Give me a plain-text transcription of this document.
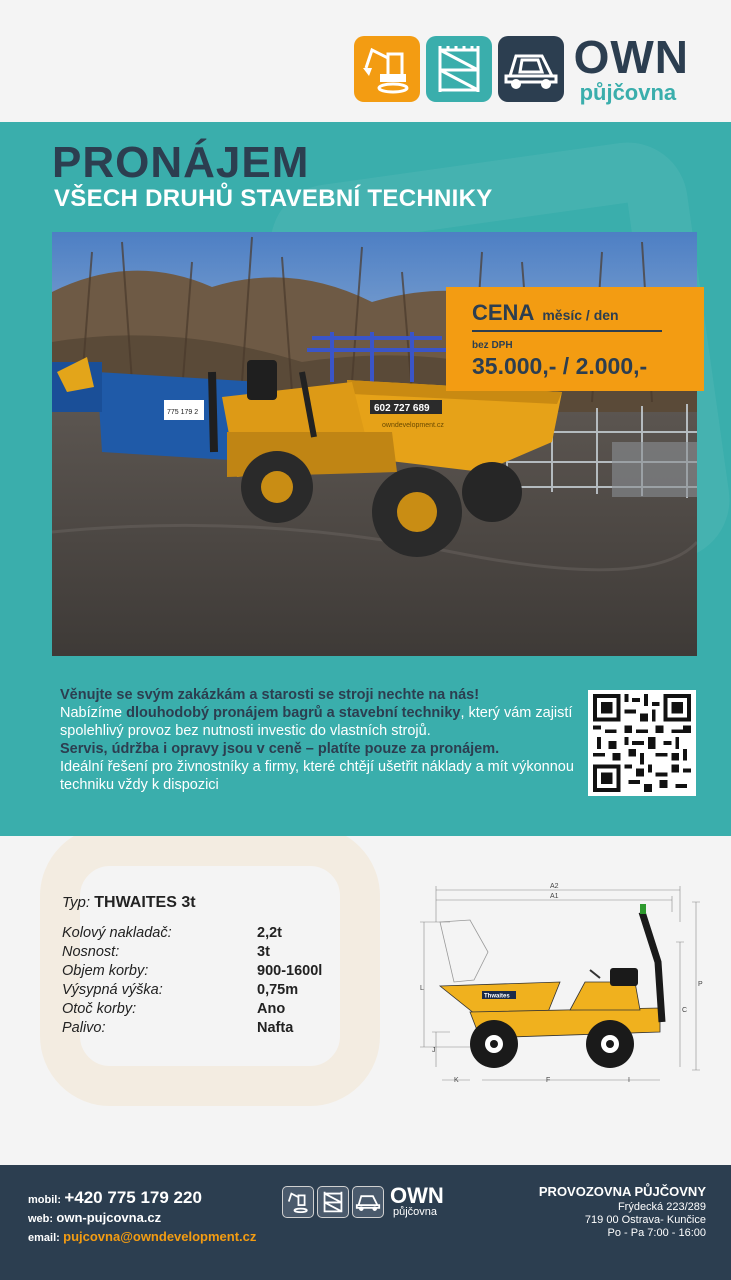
OWN
půjčovna
PRONÁJEM
VŠECH DRUHŮ STAVEBNÍ TECHNIKY
775 179 2	602 727 689
owndevelopment.cz
CENA měsíc / den
bez DPH
35.000,- / 2.000,-
Věnujte se svým zakázkám a starosti se stroji nechte na nás!
Nabízíme dlouhodobý pronájem bagrů a stavební techniky, který vám zajistí spolehlivý provoz bez nutnosti investic do vlastních strojů.
Servis, údržba i opravy jsou v ceně – platíte pouze za pronájem.
Ideální řešení pro živnostníky a firmy, které chtějí ušetřit náklady a mít výkonnou techniku vždy k dispozici
Typ: THWAITES 3t
Kolový nakladač:	2,2t
Nosnost:	3t
Objem korby:	900-1600l
Výsypná výška:	0,75m
Otoč korby:	Ano
Palivo:	Nafta
A2
A1
L
J
K	F	I
P
C
Thwaites
mobil: +420 775 179 220
web: own-pujcovna.cz
email: pujcovna@owndevelopment.cz
OWN
půjčovna
PROVOZOVNA PŮJČOVNY
Frýdecká 223/289
719 00 Ostrava- Kunčice
Po - Pa 7:00 - 16:00
